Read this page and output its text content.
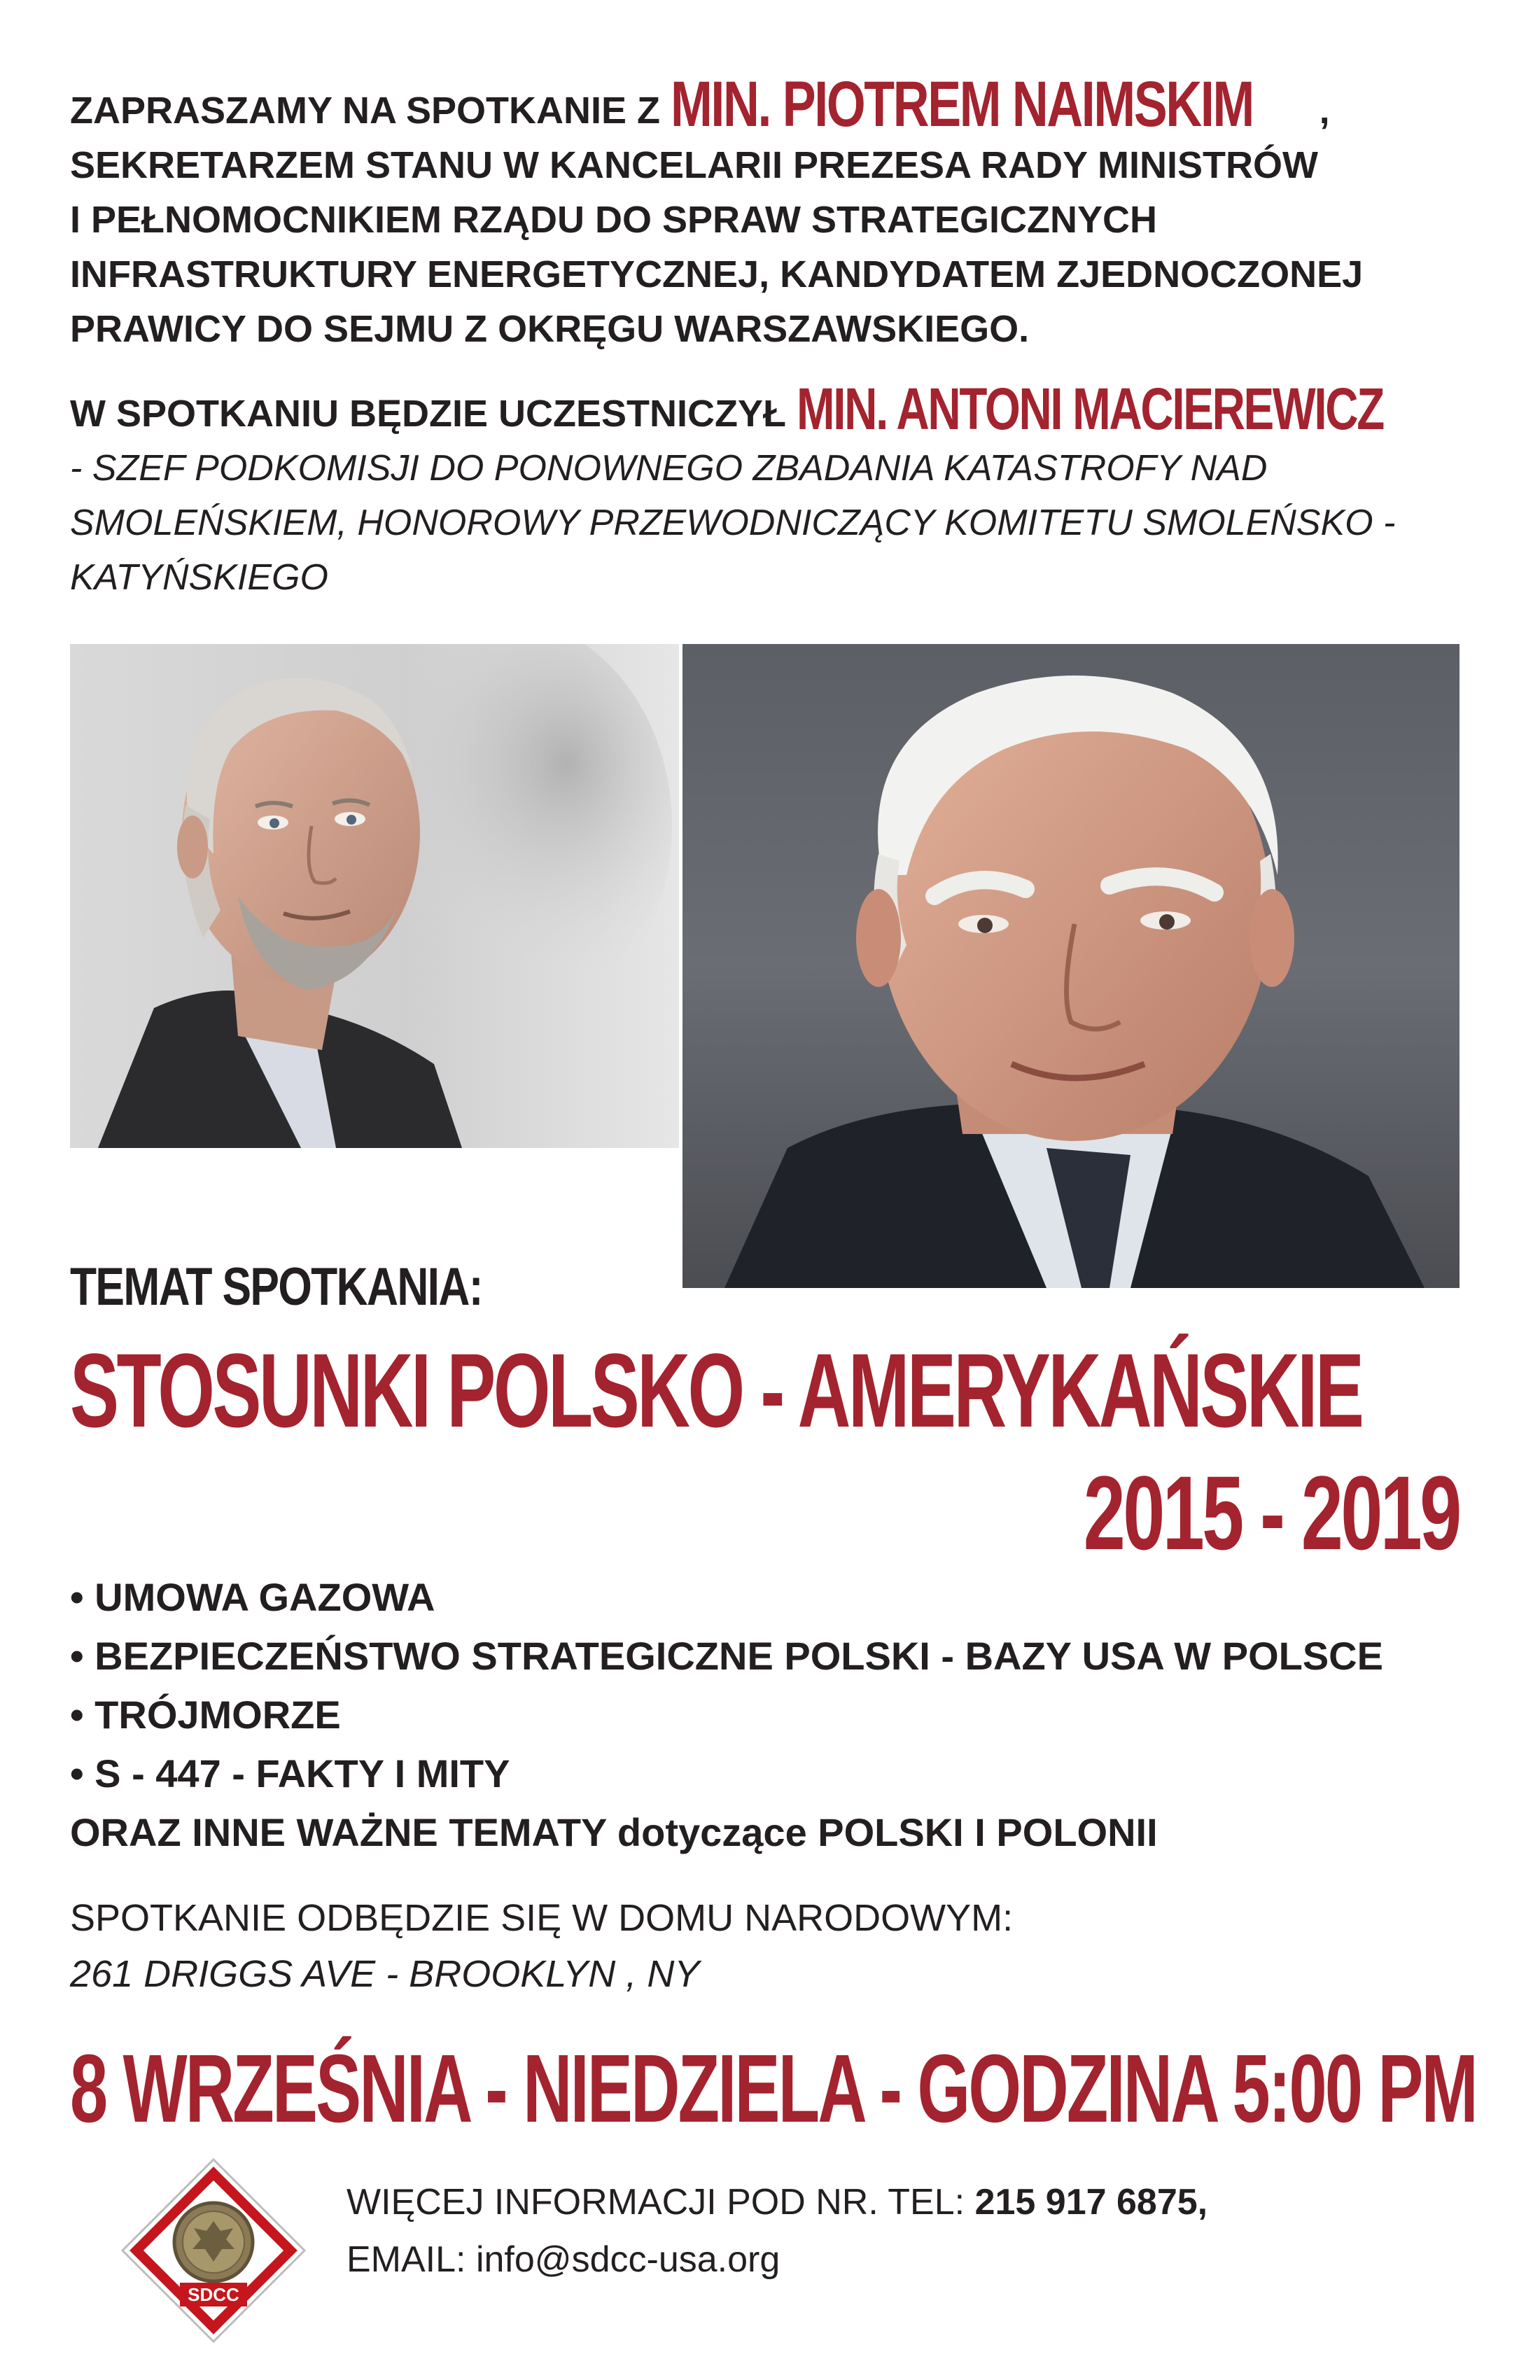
ZAPRASZAMY NA SPOTKANIE Z MIN. PIOTREM NAIMSKIM ,
SEKRETARZEM STANU W KANCELARII PREZESA RADY MINISTRÓW
I PEŁNOMOCNIKIEM RZĄDU DO SPRAW STRATEGICZNYCH
INFRASTRUKTURY ENERGETYCZNEJ, KANDYDATEM ZJEDNOCZONEJ
PRAWICY DO SEJMU Z OKRĘGU WARSZAWSKIEGO.
W SPOTKANIU BĘDZIE UCZESTNICZYŁ MIN. ANTONI MACIEREWICZ
- SZEF PODKOMISJI DO PONOWNEGO ZBADANIA KATASTROFY NAD
SMOLEŃSKIEM, HONOROWY PRZEWODNICZĄCY KOMITETU SMOLEŃSKO -
KATYŃSKIEGO
TEMAT SPOTKANIA:
STOSUNKI POLSKO - AMERYKAŃSKIE
2015 - 2019
• UMOWA GAZOWA
• BEZPIECZEŃSTWO STRATEGICZNE POLSKI - BAZY USA W POLSCE
• TRÓJMORZE
• S - 447 - FAKTY I MITY
ORAZ INNE WAŻNE TEMATY dotyczące POLSKI I POLONII
SPOTKANIE ODBĘDZIE SIĘ W DOMU NARODOWYM:
261 DRIGGS AVE - BROOKLYN , NY
8 WRZEŚNIA - NIEDZIELA - GODZINA 5:00 PM
SDCC
WIĘCEJ INFORMACJI POD NR. TEL: 215 917 6875,
EMAIL: info@sdcc-usa.org
